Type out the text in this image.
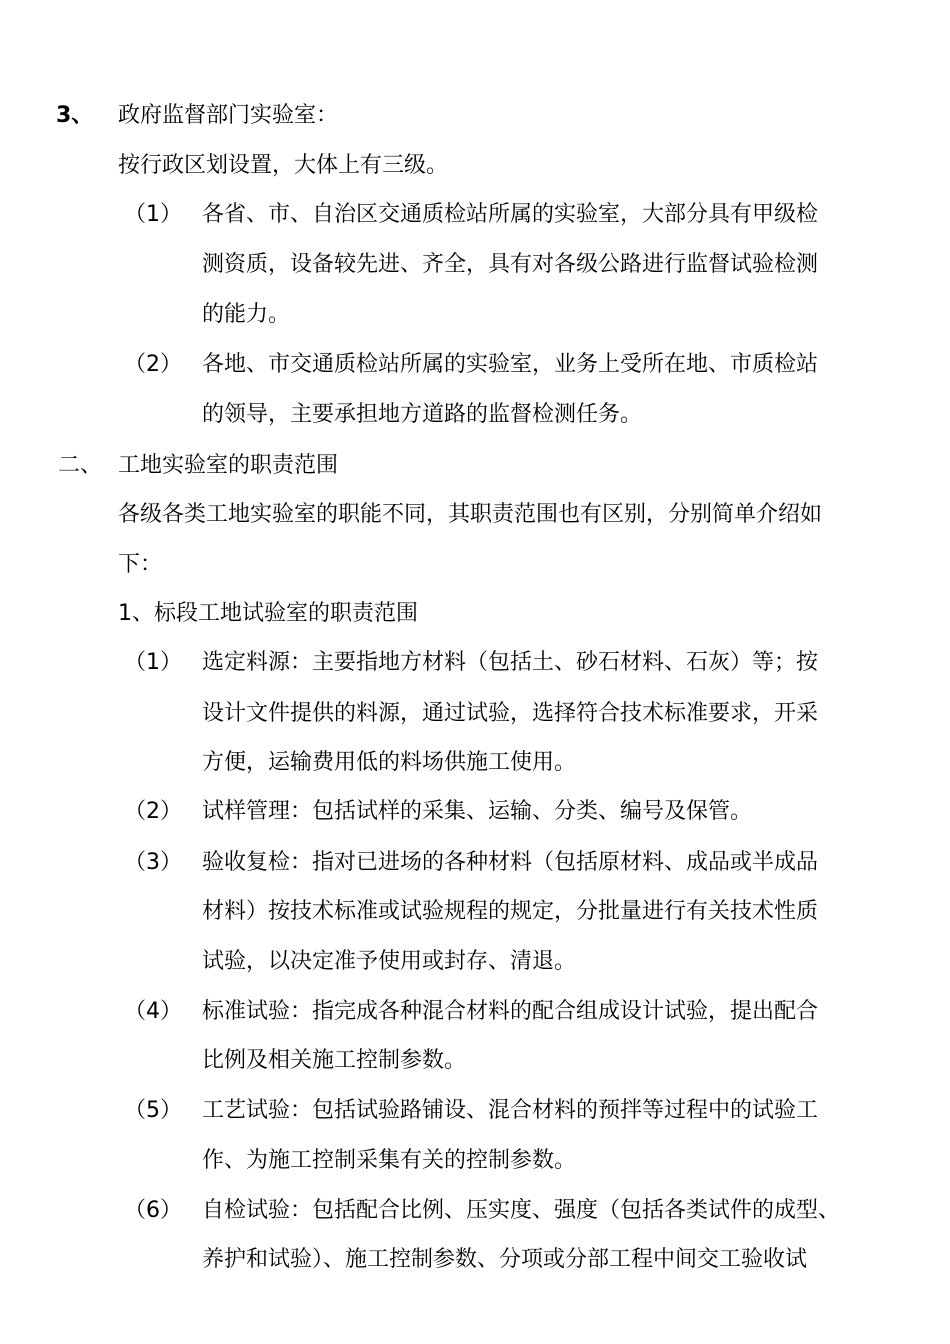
3、 政府监督部门实验室：
按行政区划设置，大体上有三级。
（1） 各省、市、自治区交通质检站所属的实验室，大部分具有甲级检
测资质，设备较先进、齐全，具有对各级公路进行监督试验检测
的能力。
（2） 各地、市交通质检站所属的实验室，业务上受所在地、市质检站
的领导，主要承担地方道路的监督检测任务。
二、 工地实验室的职责范围
各级各类工地实验室的职能不同，其职责范围也有区别，分别简单介绍如
下：
1、标段工地试验室的职责范围
（1） 选定料源：主要指地方材料（包括土、砂石材料、石灰）等；按
设计文件提供的料源，通过试验，选择符合技术标准要求，开采
方便，运输费用低的料场供施工使用。
（2） 试样管理：包括试样的采集、运输、分类、编号及保管。
（3） 验收复检：指对已进场的各种材料（包括原材料、成品或半成品
材料）按技术标准或试验规程的规定，分批量进行有关技术性质
试验，以决定准予使用或封存、清退。
（4） 标准试验：指完成各种混合材料的配合组成设计试验，提出配合
比例及相关施工控制参数。
（5） 工艺试验：包括试验路铺设、混合材料的预拌等过程中的试验工
作、为施工控制采集有关的控制参数。
（6） 自检试验：包括配合比例、压实度、强度（包括各类试件的成型、
养护和试验）、施工控制参数、分项或分部工程中间交工验收试
